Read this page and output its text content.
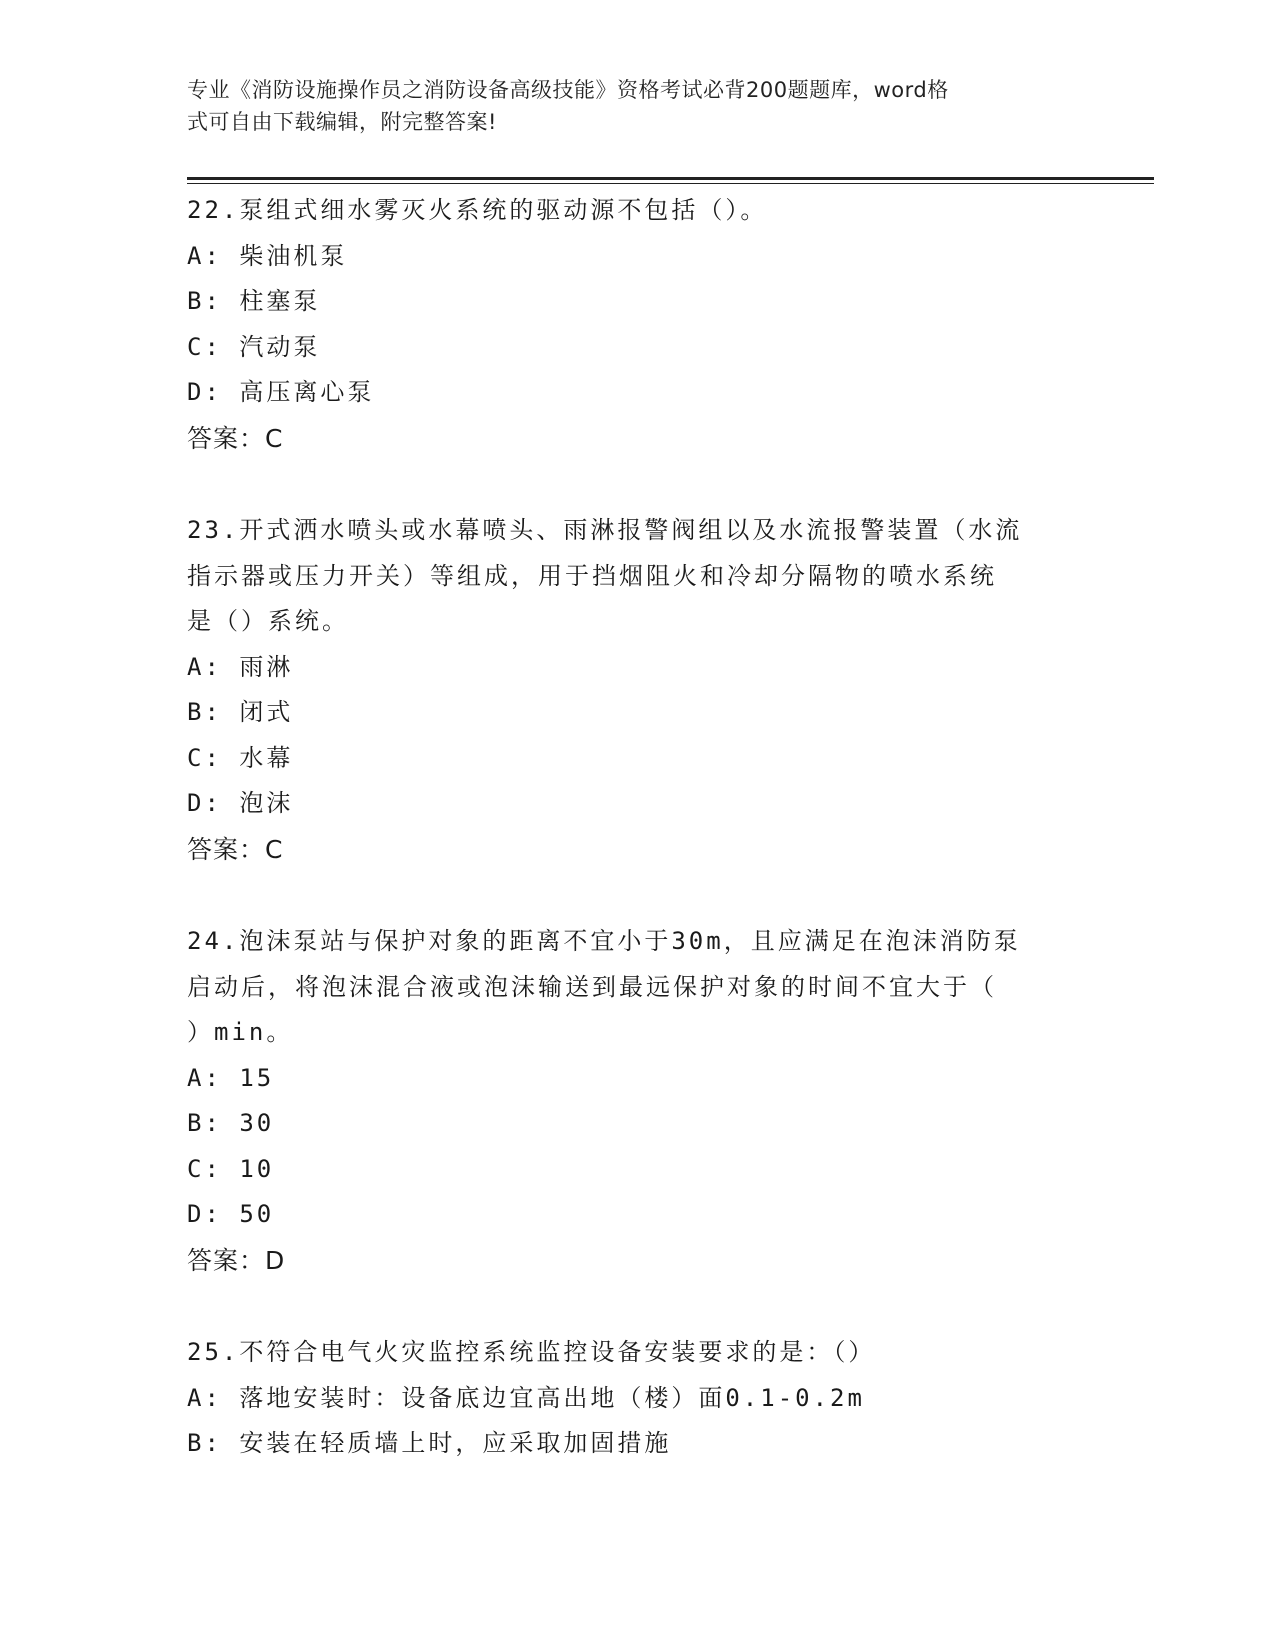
专业《消防设施操作员之消防设备高级技能》资格考试必背200题题库，word格
式可自由下载编辑，附完整答案!

22.泵组式细水雾灭火系统的驱动源不包括（）。

A: 柴油机泵

B: 柱塞泵

C: 汽动泵

D: 高压离心泵

答案：C

23.开式洒水喷头或水幕喷头、雨淋报警阀组以及水流报警装置（水流

指示器或压力开关）等组成，用于挡烟阻火和冷却分隔物的喷水系统

是（）系统。

A: 雨淋

B: 闭式

C: 水幕

D: 泡沫

答案：C

24.泡沫泵站与保护对象的距离不宜小于30m，且应满足在泡沫消防泵

启动后，将泡沫混合液或泡沫输送到最远保护对象的时间不宜大于（

）min。

A: 15

B: 30

C: 10

D: 50

答案：D

25.不符合电气火灾监控系统监控设备安装要求的是：（）

A: 落地安装时：设备底边宜高出地（楼）面0.1-0.2m

B: 安装在轻质墙上时，应采取加固措施
